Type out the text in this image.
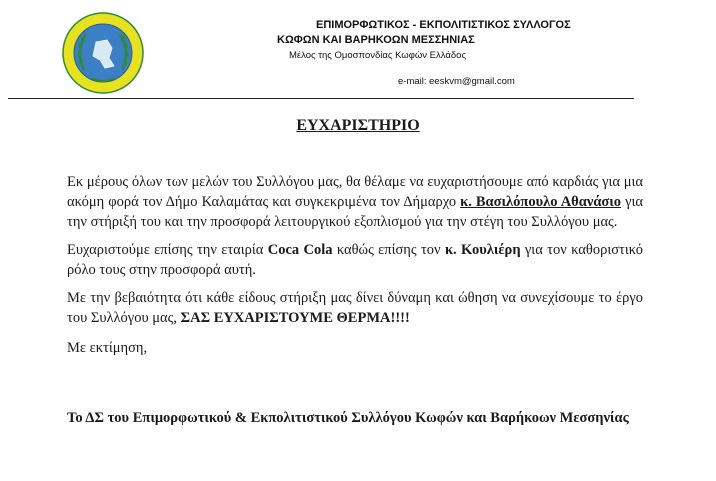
ΕΠΙΜΟΡΦΩΤΙΚΟΣ - ΕΚΠΟΛΙΤΙΣΤΙΚΟΣ ΣΥΛΛΟΓΟΣ
ΚΩΦΩΝ ΚΑΙ ΒΑΡΗΚΟΩΝ ΜΕΣΣΗΝΙΑΣ
Μέλος της Ομοσπονδίας Κωφών Ελλάδος
e-mail: eeskvm@gmail.com
ΕΥΧΑΡΙΣΤΗΡΙΟ

Εκ μέρους όλων των μελών του Συλλόγου μας, θα θέλαμε να ευχαριστήσουμε από καρδιάς για μια ακόμη φορά τον Δήμο Καλαμάτας και συγκεκριμένα τον Δήμαρχο κ. Βασιλόπουλο Αθανάσιο για την στήριξή του και την προσφορά λειτουργικού εξοπλισμού για την στέγη του Συλλόγου μας.

Ευχαριστούμε επίσης την εταιρία Coca Cola καθώς επίσης τον κ. Κουλιέρη για τον καθοριστικό ρόλο τους στην προσφορά αυτή.

Με την βεβαιότητα ότι κάθε είδους στήριξη μας δίνει δύναμη και ώθηση να συνεχίσουμε το έργο του Συλλόγου μας, ΣΑΣ ΕΥΧΑΡΙΣΤΟΥΜΕ ΘΕΡΜΑ!!!!

Με εκτίμηση,

Το ΔΣ του Επιμορφωτικού & Εκπολιτιστικού Συλλόγου Κωφών και Βαρήκοων Μεσσηνίας
